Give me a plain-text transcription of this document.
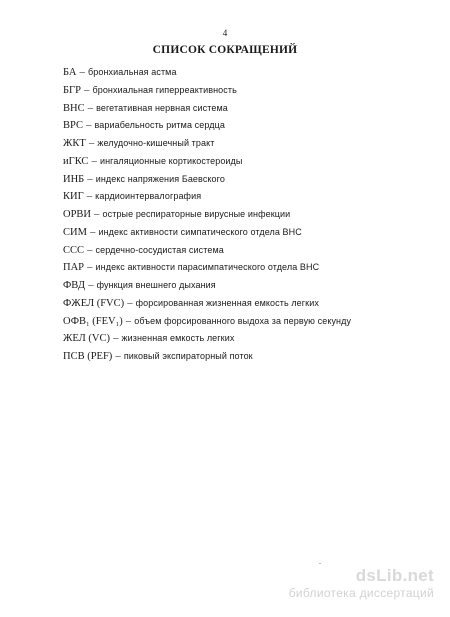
4
СПИСОК СОКРАЩЕНИЙ
БА – бронхиальная астма
БГР – бронхиальная гиперреактивность
ВНС – вегетативная нервная система
ВРС – вариабельность ритма сердца
ЖКТ – желудочно-кишечный тракт
иГКС – ингаляционные кортикостероиды
ИНБ – индекс напряжения Баевского
КИГ – кардиоинтервалография
ОРВИ – острые респираторные вирусные инфекции
СИМ – индекс активности симпатического отдела ВНС
ССС – сердечно-сосудистая система
ПАР – индекс активности парасимпатического отдела ВНС
ФВД – функция внешнего дыхания
ФЖЕЛ (FVC) – форсированная жизненная емкость легких
ОФВ₁ (FEV₁) – объем форсированного выдоха за первую секунду
ЖЕЛ (VC) – жизненная емкость легких
ПСВ (PEF) – пиковый экспираторный поток
dsLib.net
библиотека диссертаций
